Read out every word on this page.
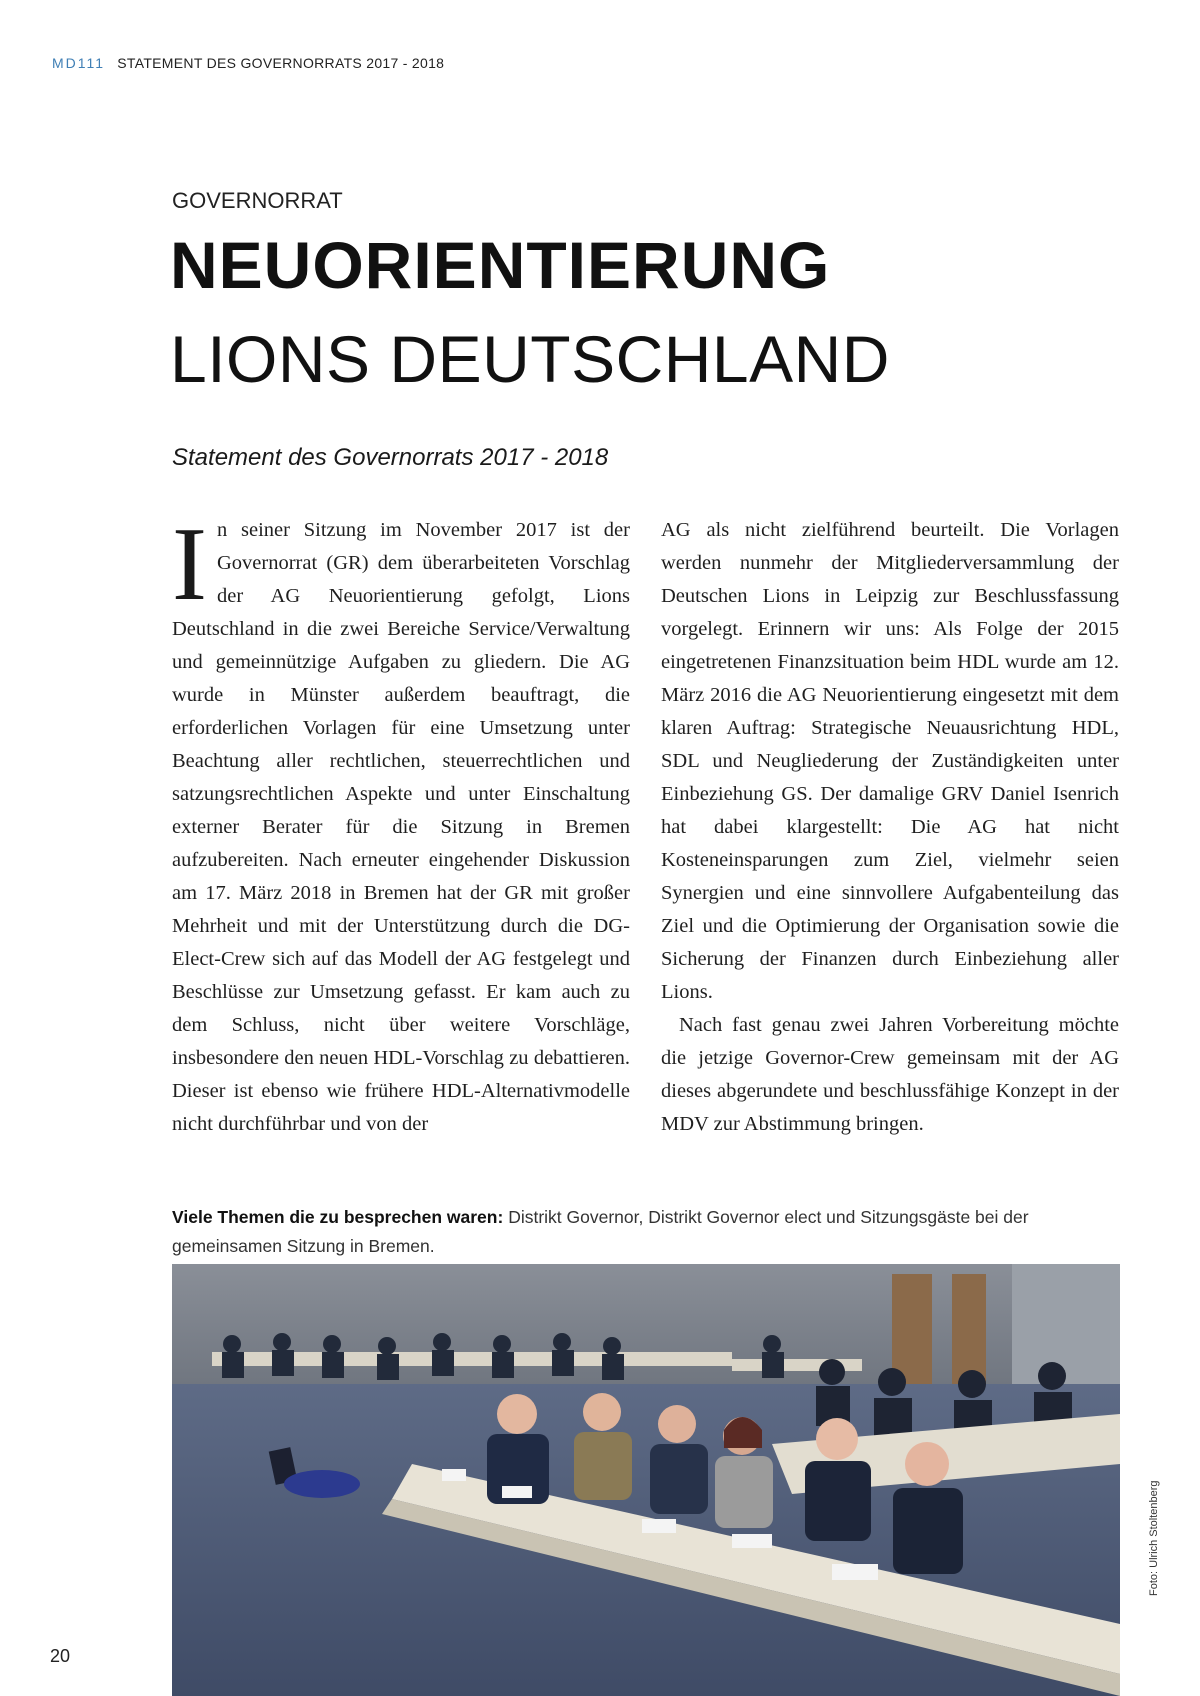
MD111 STATEMENT DES GOVERNORRATS 2017 - 2018
GOVERNORRAT
NEUORIENTIERUNG
LIONS DEUTSCHLAND
Statement des Governorrats 2017 - 2018

In seiner Sitzung im November 2017 ist der Governorrat (GR) dem überarbeiteten Vorschlag der AG Neuorientierung gefolgt, Lions Deutschland in die zwei Bereiche Service/Verwaltung und gemeinnützige Aufgaben zu gliedern. Die AG wurde in Münster außerdem beauftragt, die erforderlichen Vorlagen für eine Umsetzung unter Beachtung aller rechtlichen, steuerrechtlichen und satzungsrechtlichen Aspekte und unter Einschaltung externer Berater für die Sitzung in Bremen aufzubereiten. Nach erneuter eingehender Diskussion am 17. März 2018 in Bremen hat der GR mit großer Mehrheit und mit der Unterstützung durch die DG-Elect-Crew sich auf das Modell der AG festgelegt und Beschlüsse zur Umsetzung gefasst. Er kam auch zu dem Schluss, nicht über weitere Vorschläge, insbesondere den neuen HDL-Vorschlag zu debattieren. Dieser ist ebenso wie frühere HDL-Alternativmodelle nicht durchführbar und von der

AG als nicht zielführend beurteilt. Die Vorlagen werden nunmehr der Mitgliederversammlung der Deutschen Lions in Leipzig zur Beschlussfassung vorgelegt. Erinnern wir uns: Als Folge der 2015 eingetretenen Finanzsituation beim HDL wurde am 12. März 2016 die AG Neuorientierung eingesetzt mit dem klaren Auftrag: Strategische Neuausrichtung HDL, SDL und Neugliederung der Zuständigkeiten unter Einbeziehung GS. Der damalige GRV Daniel Isenrich hat dabei klargestellt: Die AG hat nicht Kosteneinsparungen zum Ziel, vielmehr seien Synergien und eine sinnvollere Aufgabenteilung das Ziel und die Optimierung der Organisation sowie die Sicherung der Finanzen durch Einbeziehung aller Lions.

Nach fast genau zwei Jahren Vorbereitung möchte die jetzige Governor-Crew gemeinsam mit der AG dieses abgerundete und beschlussfähige Konzept in der MDV zur Abstimmung bringen.

Viele Themen die zu besprechen waren: Distrikt Governor, Distrikt Governor elect und Sitzungsgäste bei der gemeinsamen Sitzung in Bremen.
Foto: Ulrich Stoltenberg
20
